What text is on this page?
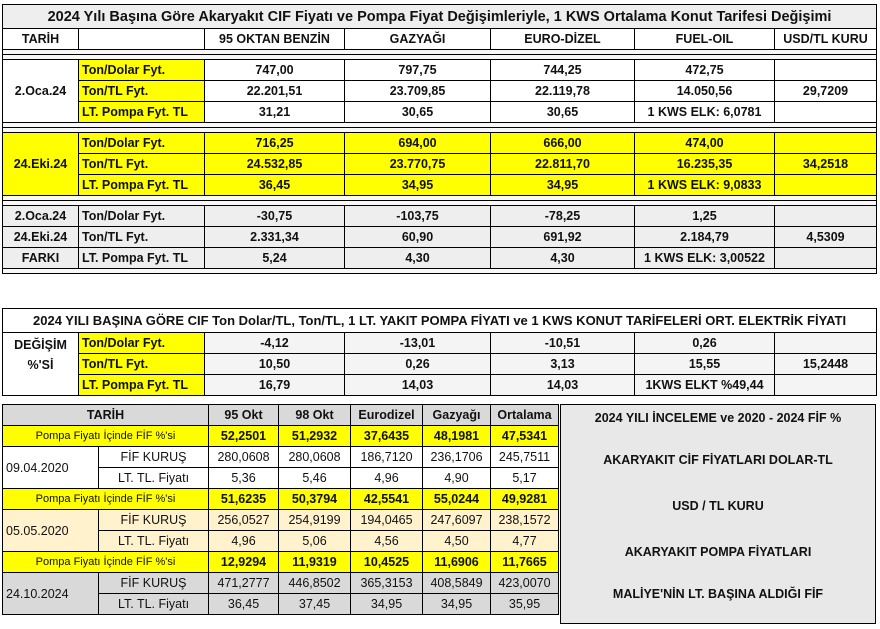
2024 Yılı Başına Göre Akaryakıt CIF Fiyatı ve Pompa Fiyat Değişimleriyle, 1 KWS Ortalama Konut Tarifesi Değişimi						
TARİH		95 OKTAN BENZİN	GAZYAĞI	EURO-DİZEL	FUEL-OIL	USD/TL KURU

2.Oca.24	Ton/Dolar Fyt.	747,00	797,75	744,25	472,75	
	Ton/TL Fyt.	22.201,51	23.709,85	22.119,78	14.050,56	29,7209
	LT. Pompa Fyt. TL	31,21	30,65	30,65	1 KWS ELK: 6,0781	

24.Eki.24	Ton/Dolar Fyt.	716,25	694,00	666,00	474,00	
	Ton/TL Fyt.	24.532,85	23.770,75	22.811,70	16.235,35	34,2518
	LT. Pompa Fyt. TL	36,45	34,95	34,95	1 KWS ELK: 9,0833	

2.Oca.24	Ton/Dolar Fyt.	-30,75	-103,75	-78,25	1,25	
24.Eki.24	Ton/TL Fyt.	2.331,34	60,90	691,92	2.184,79	4,5309
FARKI	LT. Pompa Fyt. TL	5,24	4,30	4,30	1 KWS ELK: 3,00522	

2024 YILI BAŞINA GÖRE CIF Ton Dolar/TL, Ton/TL, 1 LT. YAKIT POMPA FİYATI ve 1 KWS KONUT TARİFELERİ ORT. ELEKTRİK FİYATI						

DEĞİŞİM
%'Sİ	Ton/Dolar Fyt.	-4,12	-13,01	-10,51	0,26	
	Ton/TL Fyt.	10,50	0,26	3,13	15,55	15,2448
	LT. Pompa Fyt. TL	16,79	14,03	14,03	1KWS ELKT %49,44	
TARİH		95 Okt	98 Okt	Eurodizel	Gazyağı	Ortalama
Pompa Fiyatı İçinde FİF %'si		52,2501	51,2932	37,6435	48,1981	47,5341
09.04.2020	FİF KURUŞ	280,0608	280,0608	186,7120	236,1706	245,7511
	LT. TL. Fiyatı	5,36	5,46	4,96	4,90	5,17
Pompa Fiyatı İçinde FİF %'si		51,6235	50,3794	42,5541	55,0244	49,9281
05.05.2020	FİF KURUŞ	256,0527	254,9199	194,0465	247,6097	238,1572
	LT. TL. Fiyatı	4,96	5,06	4,56	4,50	4,77
Pompa Fiyatı İçinde FİF %'si		12,9294	11,9319	10,4525	11,6906	11,7665
24.10.2024	FİF KURUŞ	471,2777	446,8502	365,3153	408,5849	423,0070
	LT. TL. Fiyatı	36,45	37,45	34,95	34,95	35,95
2024 YILI İNCELEME ve 2020 - 2024 FİF %
AKARYAKIT CİF FİYATLARI DOLAR-TL
USD / TL KURU
AKARYAKIT POMPA FİYATLARI
MALİYE'NİN LT. BAŞINA ALDIĞI FİF
